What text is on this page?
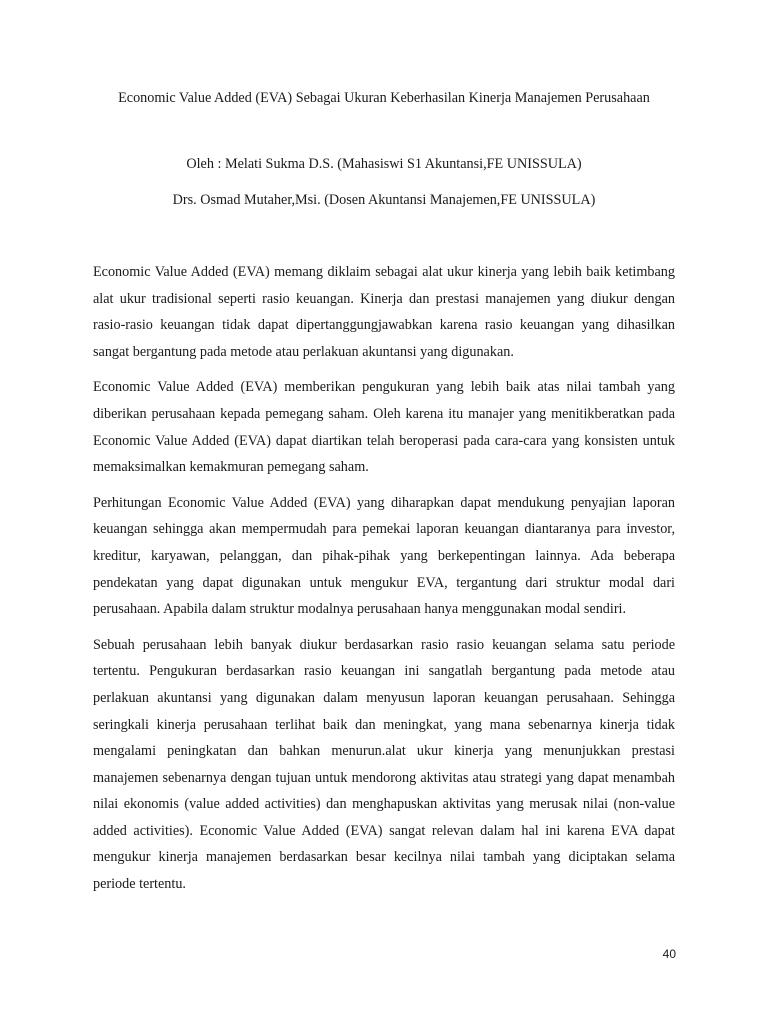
Economic Value Added (EVA) Sebagai Ukuran Keberhasilan Kinerja Manajemen Perusahaan
Oleh : Melati Sukma D.S. (Mahasiswi S1 Akuntansi,FE UNISSULA)
Drs. Osmad Mutaher,Msi. (Dosen Akuntansi Manajemen,FE UNISSULA)

Economic Value Added (EVA) memang diklaim sebagai alat ukur kinerja yang lebih baik ketimbang alat ukur tradisional seperti rasio keuangan. Kinerja dan prestasi manajemen yang diukur dengan rasio-rasio keuangan tidak dapat dipertanggungjawabkan karena rasio keuangan yang dihasilkan sangat bergantung pada metode atau perlakuan akuntansi yang digunakan.

Economic Value Added (EVA) memberikan pengukuran yang lebih baik atas nilai tambah yang diberikan perusahaan kepada pemegang saham. Oleh karena itu manajer yang menitikberatkan pada Economic Value Added (EVA) dapat diartikan telah beroperasi pada cara-cara yang konsisten untuk memaksimalkan kemakmuran pemegang saham.

Perhitungan Economic Value Added (EVA) yang diharapkan dapat mendukung penyajian laporan keuangan sehingga akan mempermudah para pemekai laporan keuangan diantaranya para investor, kreditur, karyawan, pelanggan, dan pihak-pihak yang berkepentingan lainnya. Ada beberapa pendekatan yang dapat digunakan untuk mengukur EVA, tergantung dari struktur modal dari perusahaan. Apabila dalam struktur modalnya perusahaan hanya menggunakan modal sendiri.

Sebuah perusahaan lebih banyak diukur berdasarkan rasio rasio keuangan selama satu periode tertentu. Pengukuran berdasarkan rasio keuangan ini sangatlah bergantung pada metode atau perlakuan akuntansi yang digunakan dalam menyusun laporan keuangan perusahaan. Sehingga seringkali kinerja perusahaan terlihat baik dan meningkat, yang mana sebenarnya kinerja tidak mengalami peningkatan dan bahkan menurun.alat ukur kinerja yang menunjukkan prestasi manajemen sebenarnya dengan tujuan untuk mendorong aktivitas atau strategi yang dapat menambah nilai ekonomis (value added activities) dan menghapuskan aktivitas yang merusak nilai (non-value added activities). Economic Value Added (EVA) sangat relevan dalam hal ini karena EVA dapat mengukur kinerja manajemen berdasarkan besar kecilnya nilai tambah yang diciptakan selama periode tertentu.

40
